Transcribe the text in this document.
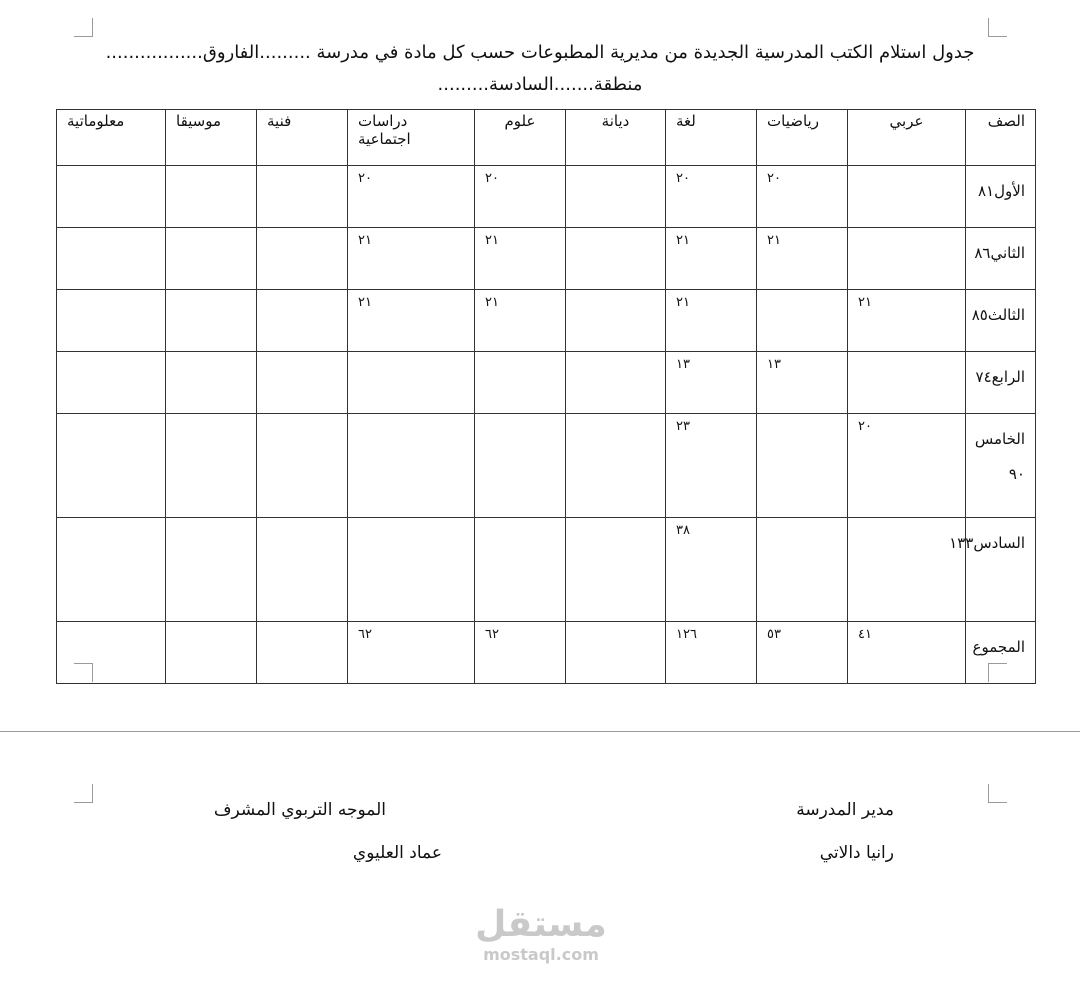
جدول استلام الكتب المدرسية الجديدة من مديرية المطبوعات حسب كل مادة في مدرسة .........الفاروق.................
منطقة.......السادسة.........
الصف	عربي	رياضيات	لغة	ديانة	علوم	دراسات اجتماعية	فنية	موسيقا	معلوماتية
الأول٨١		٢٠	٢٠		٢٠	٢٠			
الثاني٨٦		٢١	٢١		٢١	٢١			
الثالث٨٥	٢١		٢١		٢١	٢١			
الرابع٧٤		١٣	١٣						
الخامس ٩٠	٢٠		٢٣						
السادس١٣٣			٣٨						
المجموع	٤١	٥٣	١٢٦		٦٢	٦٢			
مدير المدرسة
رانيا دالاتي
الموجه التربوي المشرف
عماد العليوي
مستقل
mostaql.com
